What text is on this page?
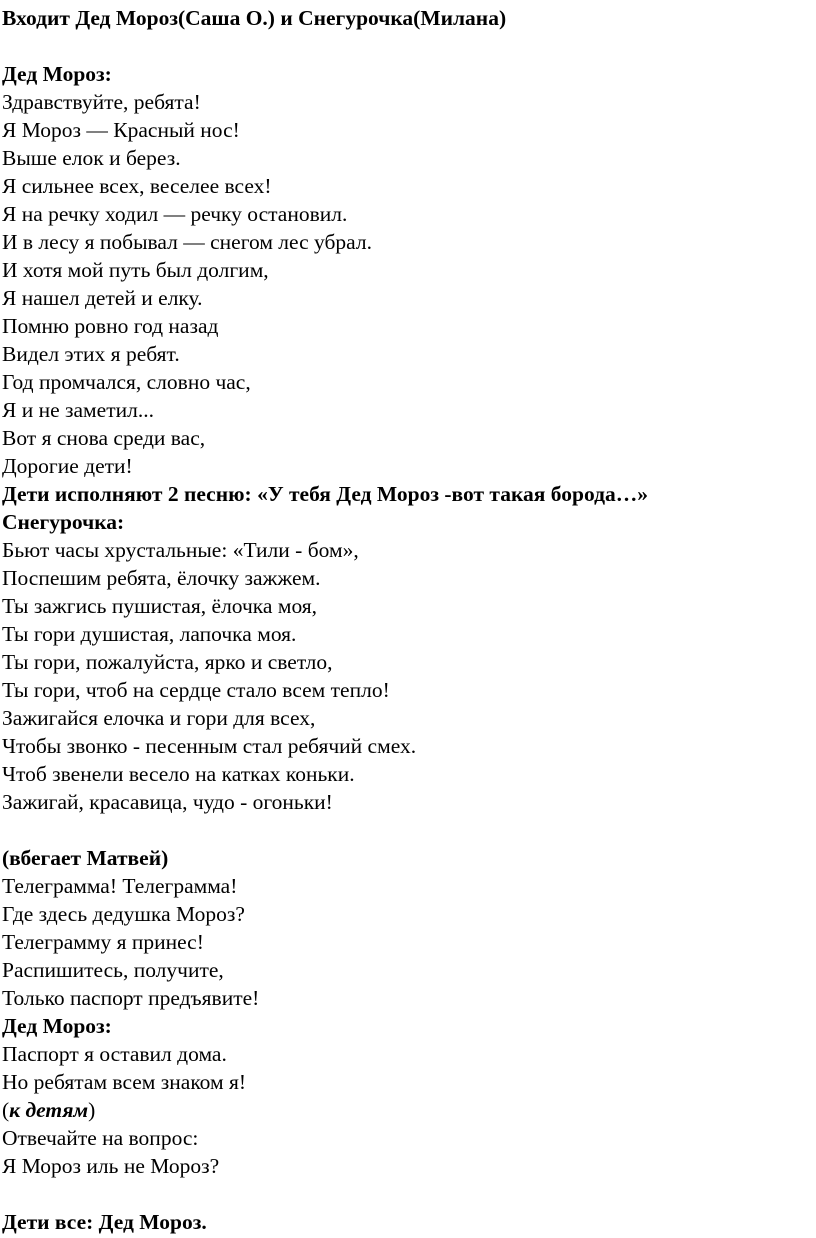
Входит Дед Мороз(Саша О.) и Снегурочка(Милана)
Дед Мороз:
Здравствуйте, ребята!
Я Мороз — Красный нос!
Выше елок и берез.
Я сильнее всех, веселее всех!
Я на речку ходил — речку остановил.
И в лесу я побывал — снегом лес убрал.
И хотя мой путь был долгим,
Я нашел детей и елку.
Помню ровно год назад
Видел этих я ребят.
Год промчался, словно час,
Я и не заметил...
Вот я снова среди вас,
Дорогие дети!
Дети исполняют 2 песню: «У тебя Дед Мороз -вот такая борода…»
Снегурочка:
Бьют часы хрустальные: «Тили - бом»,
Поспешим ребята, ёлочку зажжем.
Ты зажгись пушистая, ёлочка моя,
Ты гори душистая, лапочка моя.
Ты гори, пожалуйста, ярко и светло,
Ты гори, чтоб на сердце стало всем тепло!
Зажигайся елочка и гори для всех,
Чтобы звонко - песенным стал ребячий смех.
Чтоб звенели весело на катках коньки.
Зажигай, красавица, чудо - огоньки!
(вбегает Матвей)
Телеграмма! Телеграмма!
Где здесь дедушка Мороз?
Телеграмму я принес!
Распишитесь, получите,
Только паспорт предъявите!
Дед Мороз:
Паспорт я оставил дома.
Но ребятам всем знаком я!
(к детям)
Отвечайте на вопрос:
Я Мороз иль не Мороз?
Дети все: Дед Мороз.
